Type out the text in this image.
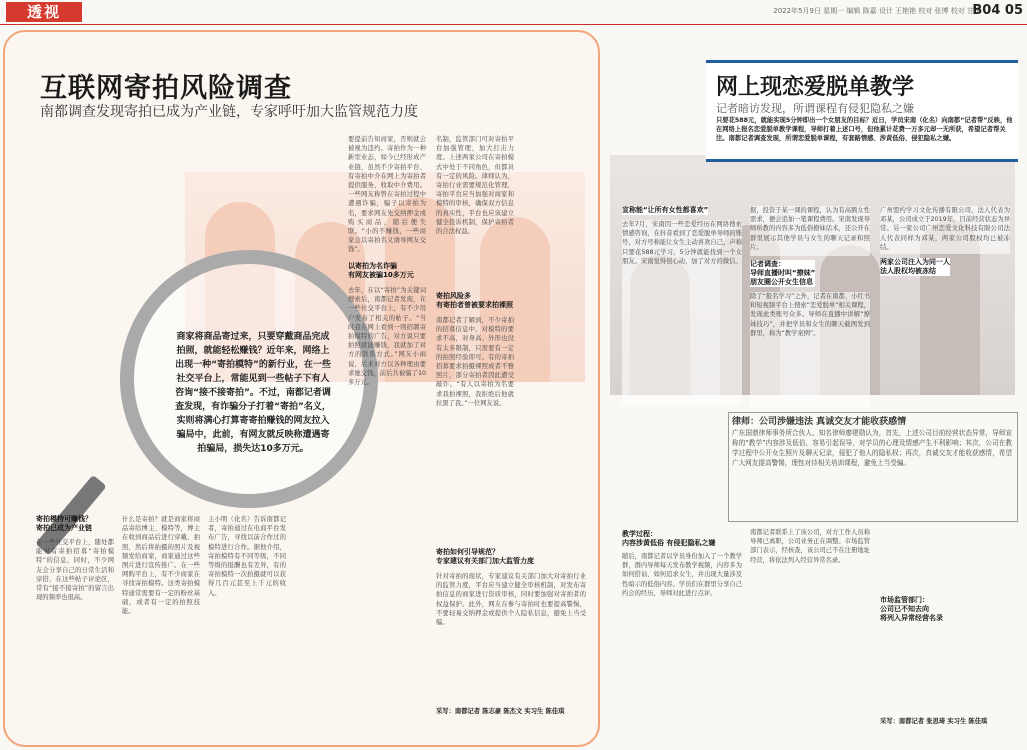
透视	2022年5月9日 星期一 编辑 陈嘉 设计 王艳艳 校对 张博 校对 甘宁
B04 05
互联网寄拍风险调查
南都调查发现寄拍已成为产业链，专家呼吁加大监管规范力度
商家将商品寄过来，只要穿戴商品完成拍照，就能轻松赚钱？近年来，网络上出现一种“寄拍模特”的新行业，在一些社交平台上，常能见到一些帖子下有人咨询“接不接寄拍”。不过，南都记者调查发现，有诈骗分子打着“寄拍”名义，实则将满心打算寄寄拍赚钱的网友拉入骗局中，此前，有网友就反映称遭遇寄拍骗局，损失达10多万元。
寄拍模特可赚钱？
寄拍已成为产业链
在一些社交平台上，随处都能见有寄拍招募“寄拍模特”的信息，同时，不少网友会分享自己的日常生活和穿搭，在这些帖子评论区，常有“接不接寄拍”的留言出现的频率也很高。
什么是寄拍？就是商家将商品寄给博主、模特等，博主在收到商品后进行穿戴、拍照，然后将拍摄的照片及视频发给商家，商家通过这些图片进行宣传推广。在一些网购平台上，有不少商家在寻找寄拍模特。这类寄拍模特通常需要有一定的粉丝基础，或者有一定的拍照技能。
主小明（化名）告诉南都记者，寄拍通过在电商平台发布广告，寻找以前合作过的模特进行合作。据他介绍，寄拍模特有不同等级，不同等级的报酬也有差异，有的寄拍模特一次拍摄就可以获得几百元甚至上千元的收入。
要提前告知商家，否则就会被视为违约。寄拍作为一种新型业态，如今已经形成产业链，虽然不少寄拍平台、有寄拍中介在网上为寄拍者提供服务，收取中介费用。一些网友称曾在寄拍过程中遭遇诈骗，骗子以寄拍为名，要求网友先交纳押金或购买商品，随后便失联。“小的不赚钱，一些商家会以寄拍名义诱导网友交钱”。
以寄拍为名诈骗
有网友被骗10多万元
去年，在以“寄拍”为关键词搜索后，南都记者发现，在一些社交平台上，有不少用户发布了相关的帖子。“当时我在网上看到一则招聘寄拍模特的广告，对方说只要拍照就能赚钱，我就加了对方的联系方式。”网友小雨说，后来对方以各种理由要求她交钱，前后共被骗了10多万元。
名制，监管部门可对寄拍平台加强管理，加大打击力度。上述两家公司在寄拍模式中处于不同角色，但都具有一定的风险。律师认为，寄拍行业需要规范化管理，寄拍平台应当加强对商家和模特的审核，确保双方信息的真实性，平台也应该建立健全投诉机制，保护寄拍者的合法权益。
寄拍风险多
有寄拍者曾被要求拍裸照
南都记者了解到，不少寄拍的招募信息中，对模特的要求不高，对身高、外形也没有太多限制，只需要有一定的拍照经验即可。有的寄拍招募要求拍摄裸照或者不雅照片，部分寄拍者因此遭受敲诈。“有人以寄拍为名要求我拍裸照，我拒绝后他就拉黑了我。”一位网友说。
寄拍如何引导规范？
专家建议有关部门加大监管力度
针对寄拍的现状，专家建议有关部门加大对寄拍行业的监管力度，平台应当建立健全审核机制，对发布寄拍信息的商家进行资质审核，同时要加强对寄拍者的权益保护。此外，网友在参与寄拍时也要提高警惕，不要轻易交纳押金或提供个人隐私信息，避免上当受骗。
采写：南都记者 陈志豪 陈杰文 实习生 陈佳琪
网上现恋爱脱单教学
记者暗访发现，所谓课程有侵犯隐私之嫌
只要花588元，就能实现5分钟即出一个女朋友的目标？近日，学员宋南（化名）向南都“记者帮”反映，他在网络上报名恋爱脱单教学课程，导师打着上述口号，但他累计花费一万多元却一无所获，希望记者帮关注。南都记者调查发现，所谓恋爱脱单课程，有套路情感、涉黄低俗、侵犯隐私之嫌。
宣称能“让所有女性都喜欢”
去年7月，宋南因一些恋爱经历在网络搜索情感咨询，在抖音看到了恋爱脱单导师的账号，对方号称能让女生主动喜欢自己，声称只要花588元学习，5分钟就能找到一个女朋友。宋南觉得很心动，加了对方的微信。
据，投资于某一课的课程，认为有高额女性需求，便会追加一笔课程费用。宋南发现导师所教的内容多为低俗撩妹话术，还公开在群里展示其他学员与女生的聊天记录和照片。
记者调查：
导师直播时叫“撩妹”
朋友圈公开女生信息
除了“报名学习”之外，记者在南都、小红书和短视频平台上搜索“恋爱脱单”相关课程，发现此类账号众多。导师在直播中讲解“撩妹技巧”，并把学员和女生的聊天截图发到群里，称为“教学案例”。
广州盟约学习文化传播有限公司，法人代表为邓某，公司成立于2019年，目前经营状态为异常。另一家公司广州恋爱文化科技有限公司法人代表同样为邓某，两家公司股权均已被冻结。
两家公司注入为同一人
法人股权均被冻结
律师：公司涉嫌违法 真诚交友才能收获感情
广东国鼎律师事务所合伙人、知名律师廖建勋认为，首先，上述公司目前经营状态异常，导师宣称的“教学”内容涉及低俗，容易引起误导，对学员的心理及情感产生不利影响；其次，公司在教学过程中公开女生照片及聊天记录，侵犯了他人的隐私权；再次，真诚交友才能收获感情，希望广大网友提高警惕，理性对待相关培训课程，避免上当受骗。
教学过程：
内容涉黄低俗 有侵犯隐私之嫌
随后，南都记者以学员身份加入了一个教学群，群内导师每天发布教学视频，内容多为如何搭讪、如何追求女生，并出现大量涉及性暗示的低俗内容。学员们在群里分享自己约会的经历，导师对此进行点评。
南都记者联系上了该公司，对方工作人员称导师已离职，公司业务正在调整。市场监管部门表示，经核查，该公司已不在注册地址经营，将依法列入经营异常名录。
市场监管部门：
公司已不知去向
将列入异常经营名录
采写：南都记者 张思琦 实习生 陈佳琪
